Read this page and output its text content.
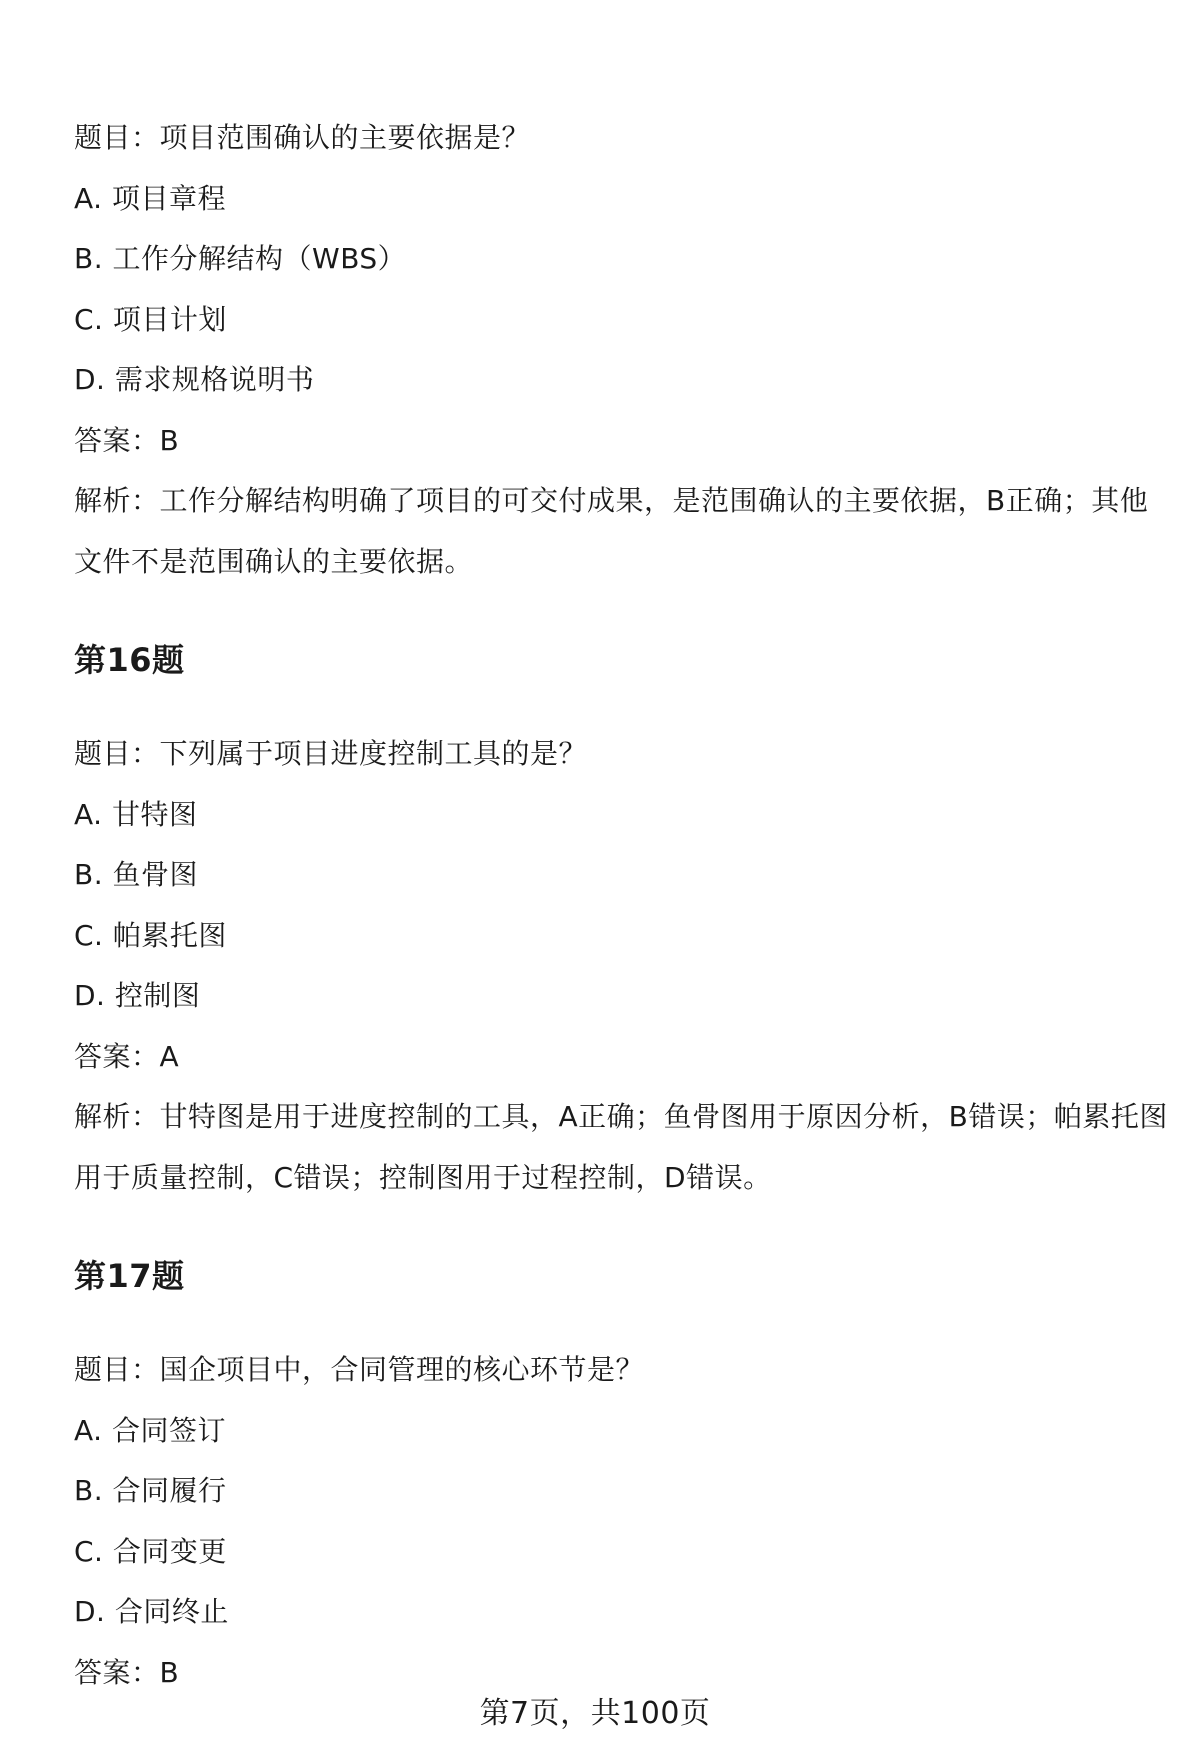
题目：项目范围确认的主要依据是？
A. 项目章程
B. 工作分解结构（WBS）
C. 项目计划
D. 需求规格说明书
答案：B
解析：工作分解结构明确了项目的可交付成果，是范围确认的主要依据，B正确；其他文件不是范围确认的主要依据。
第16题
题目：下列属于项目进度控制工具的是？
A. 甘特图
B. 鱼骨图
C. 帕累托图
D. 控制图
答案：A
解析：甘特图是用于进度控制的工具，A正确；鱼骨图用于原因分析，B错误；帕累托图用于质量控制，C错误；控制图用于过程控制，D错误。
第17题
题目：国企项目中，合同管理的核心环节是？
A. 合同签订
B. 合同履行
C. 合同变更
D. 合同终止
答案：B
第7页，共100页
